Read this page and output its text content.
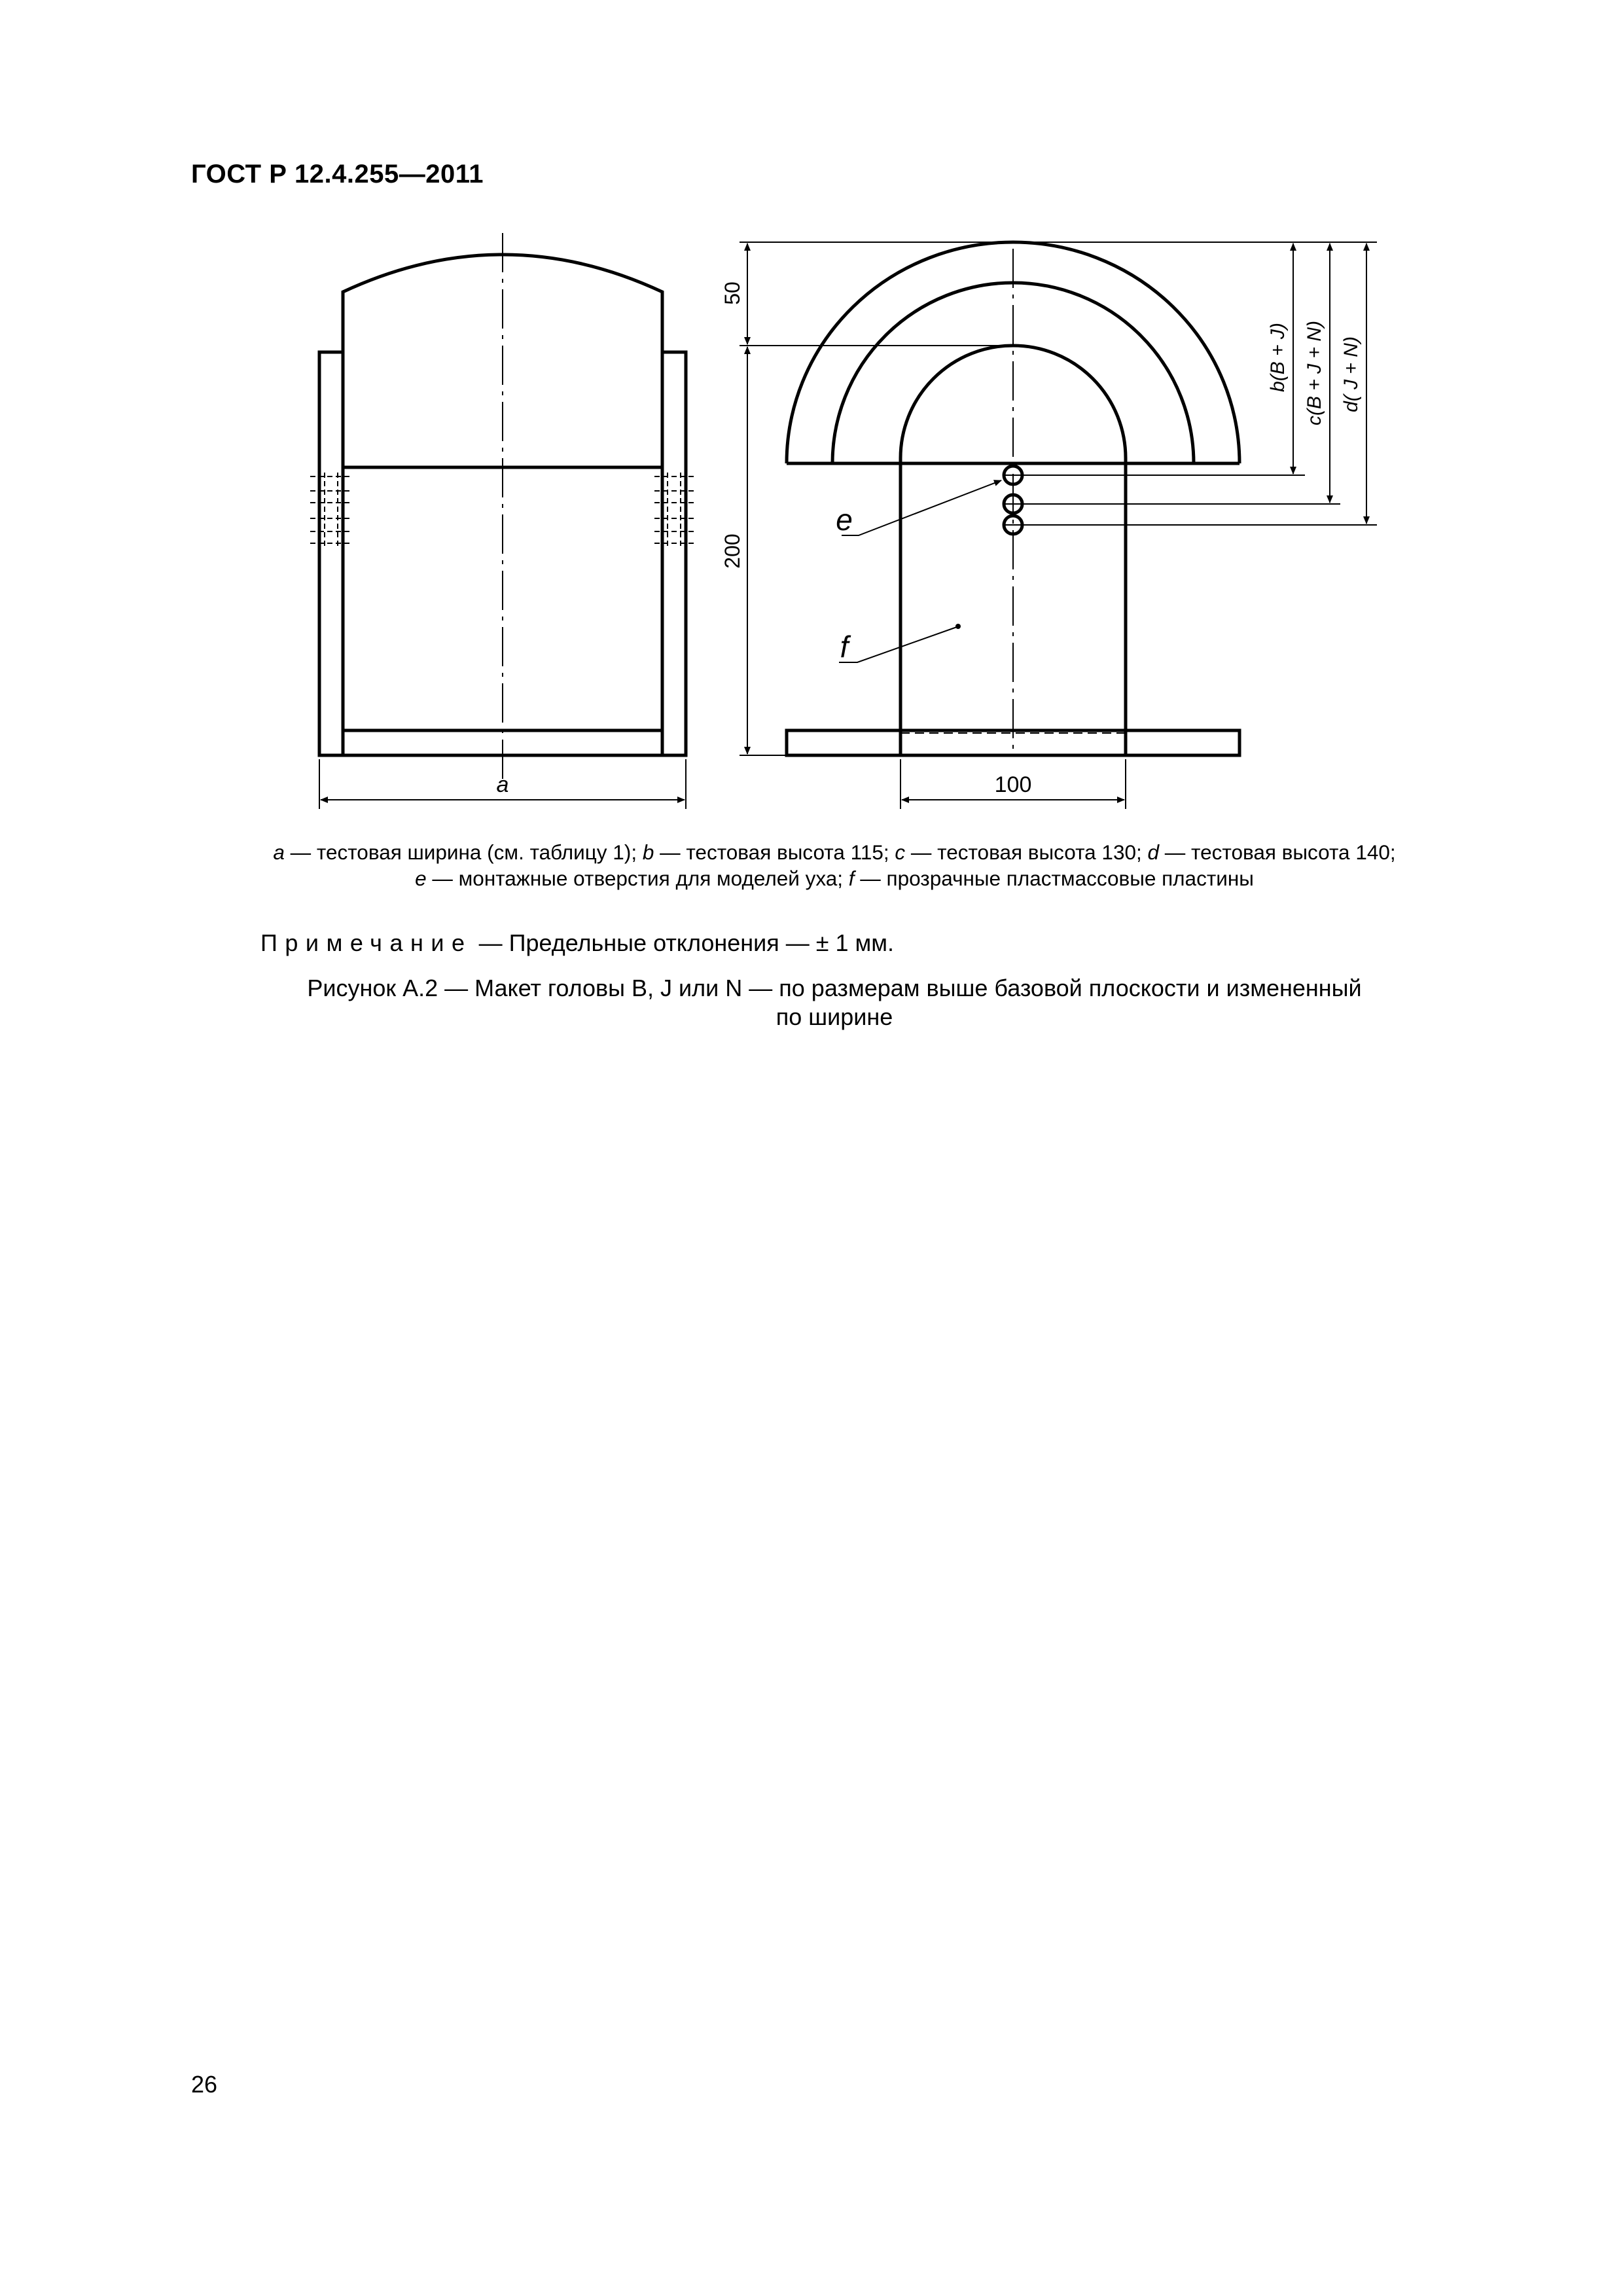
ГОСТ Р 12.4.255—2011
a	100
50
200
b(B + J) c(B + J + N) d( J + N)
e
f
a — тестовая ширина (см. таблицу 1); b — тестовая высота 115; c — тестовая высота 130; d — тестовая высота 140;
e — монтажные отверстия для моделей уха; f — прозрачные пластмассовые пластины
Примечание — Предельные отклонения — ± 1 мм.
Рисунок А.2 — Макет головы B, J или N — по размерам выше базовой плоскости и измененный
по ширине
26
